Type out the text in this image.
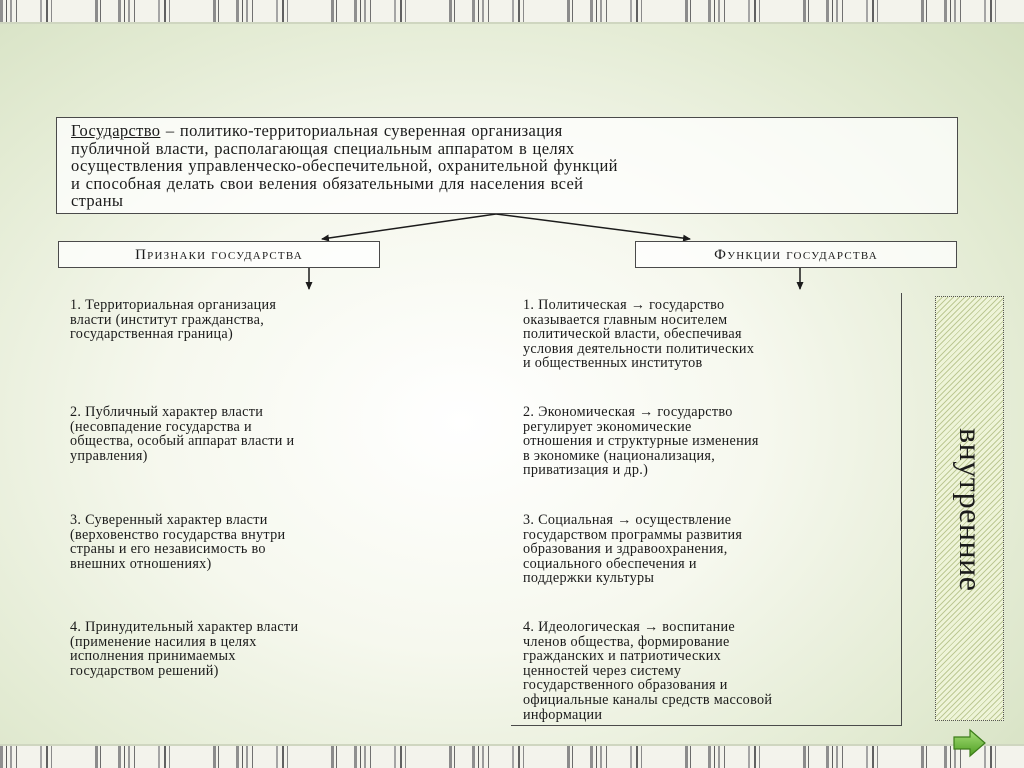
Государство – политико-территориальная суверенная организация
публичной власти, располагающая специальным аппаратом в целях
осуществления управленческо-обеспечительной, охранительной функций
и способная делать свои веления обязательными для населения всей
страны
Признаки государства	Функции государства
1. Территориальная организация
власти (институт гражданства,
государственная граница)
2. Публичный характер власти
(несовпадение государства и
общества, особый аппарат власти и
управления)
3. Суверенный характер власти
(верховенство государства внутри
страны и его независимость во
внешних отношениях)
4. Принудительный характер власти
(применение насилия в целях
исполнения принимаемых
государством решений)
1. Политическая → государство
оказывается главным носителем
политической власти, обеспечивая
условия деятельности политических
и общественных институтов
2. Экономическая → государство
регулирует экономические
отношения и структурные изменения
в экономике (национализация,
приватизация и др.)
3. Социальная → осуществление
государством программы развития
образования и здравоохранения,
социального обеспечения и
поддержки культуры
4. Идеологическая → воспитание
членов общества, формирование
гражданских и патриотических
ценностей через систему
государственного образования и
официальные каналы средств массовой
информации
внутренние
